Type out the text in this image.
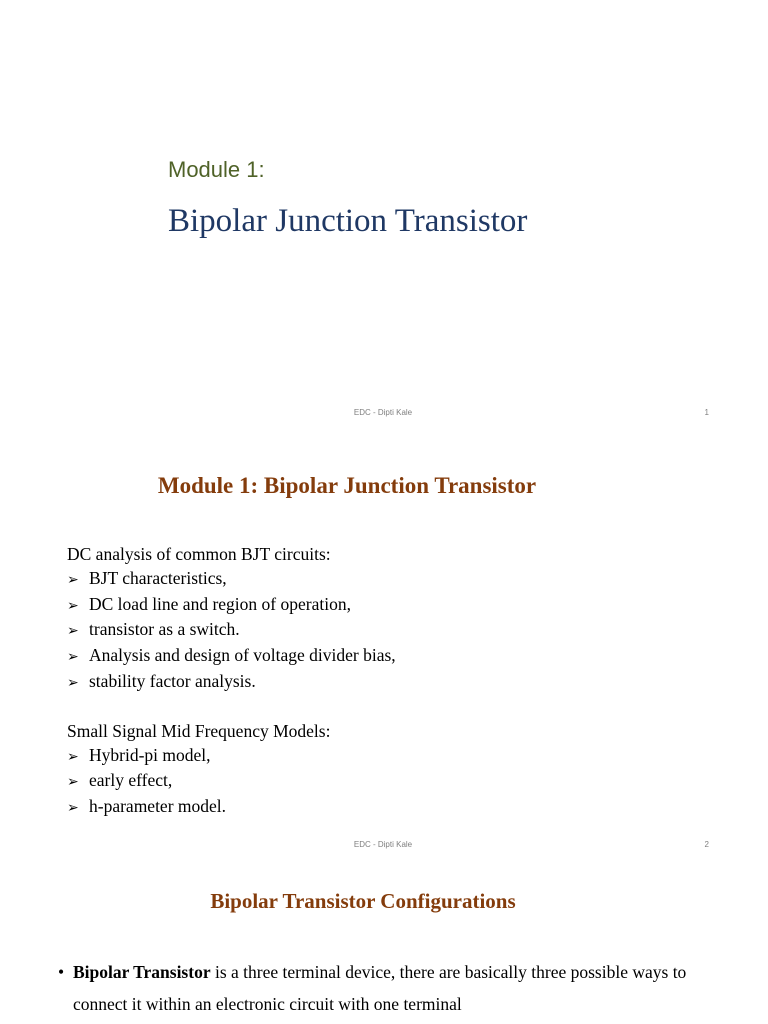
Module 1:
Bipolar Junction Transistor
EDC - Dipti Kale	1
Module 1: Bipolar Junction Transistor
DC analysis of common BJT circuits:
➢ BJT characteristics,
➢ DC load line and region of operation,
➢ transistor as a switch.
➢ Analysis and design of voltage divider bias,
➢ stability factor analysis.
Small Signal Mid Frequency Models:
➢ Hybrid-pi model,
➢ early effect,
➢ h-parameter model.
EDC - Dipti Kale	2
Bipolar Transistor Configurations
• Bipolar Transistor is a three terminal device, there are basically three possible ways to connect it within an electronic circuit with one terminal
